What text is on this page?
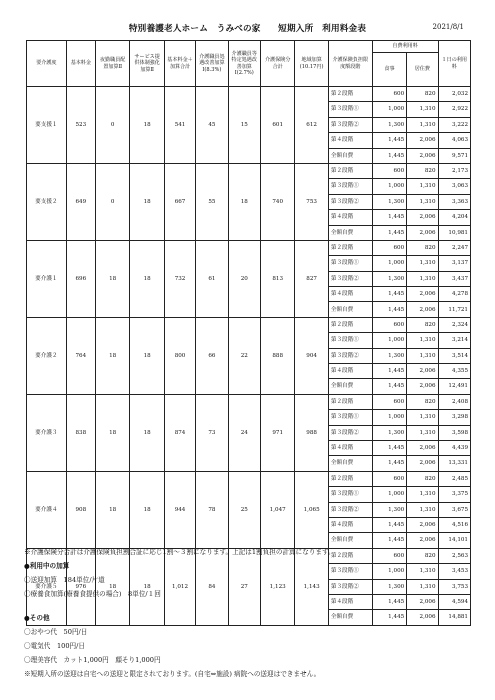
特別養護老人ホーム　うみべの家　　短期入所　利用料金表	2021/8/1
要介護度	基本料金	夜勤職員配置加算Ⅱ	サービス提供体制強化加算Ⅱ	基本料金＋加算合計	介護職員処遇改善加算Ⅰ(8.3%)	介護職員等特定処遇改善加算Ⅰ(2.7%)	介護保険分合計	地域加算(10.17円)	介護保険負担限度額段階	自費利用料		１日の利用料
										食事	居住費	
要支援１	523	0	18	541	45	15	601	612	第２段階	600	820	2,032
									第３段階①	1,000	1,310	2,922
									第３段階②	1,300	1,310	3,222
									第４段階	1,445	2,006	4,063
									全額自費	1,445	2,006	9,571
要支援２	649	0	18	667	55	18	740	753	第２段階	600	820	2,173
									第３段階①	1,000	1,310	3,063
									第３段階②	1,300	1,310	3,363
									第４段階	1,445	2,006	4,204
									全額自費	1,445	2,006	10,981
要介護１	696	18	18	732	61	20	813	827	第２段階	600	820	2,247
									第３段階①	1,000	1,310	3,137
									第３段階②	1,300	1,310	3,437
									第４段階	1,445	2,006	4,278
									全額自費	1,445	2,006	11,721
要介護２	764	18	18	800	66	22	888	904	第２段階	600	820	2,324
									第３段階①	1,000	1,310	3,214
									第３段階②	1,300	1,310	3,514
									第４段階	1,445	2,006	4,355
									全額自費	1,445	2,006	12,491
要介護３	838	18	18	874	73	24	971	988	第２段階	600	820	2,408
									第３段階①	1,000	1,310	3,298
									第３段階②	1,300	1,310	3,598
									第４段階	1,445	2,006	4,439
									全額自費	1,445	2,006	13,331
要介護４	908	18	18	944	78	25	1,047	1,065	第２段階	600	820	2,485
									第３段階①	1,000	1,310	3,375
									第３段階②	1,300	1,310	3,675
									第４段階	1,445	2,006	4,516
									全額自費	1,445	2,006	14,101
要介護５	976	18	18	1,012	84	27	1,123	1,143	第２段階	600	820	2,563
									第３段階①	1,000	1,310	3,453
									第３段階②	1,300	1,310	3,753
									第４段階	1,445	2,006	4,594
									全額自費	1,445	2,006	14,881
※介護保険分合計は介護保険負担割合証に応じ1割～３割になります。上記は1割負担の計算になります。
●利用中の加算
〇送迎加算　184単位/片道
〇療養食加算(療養食提供の場合)　8単位/１回
●その他
〇おやつ代　50円/日
〇電気代　100円/日
〇理美容代　カット1,000円　顔そり1,000円
※短期入所の送迎は自宅への送迎と限定されております。(自宅⇔施設) 病院への送迎はできません。
